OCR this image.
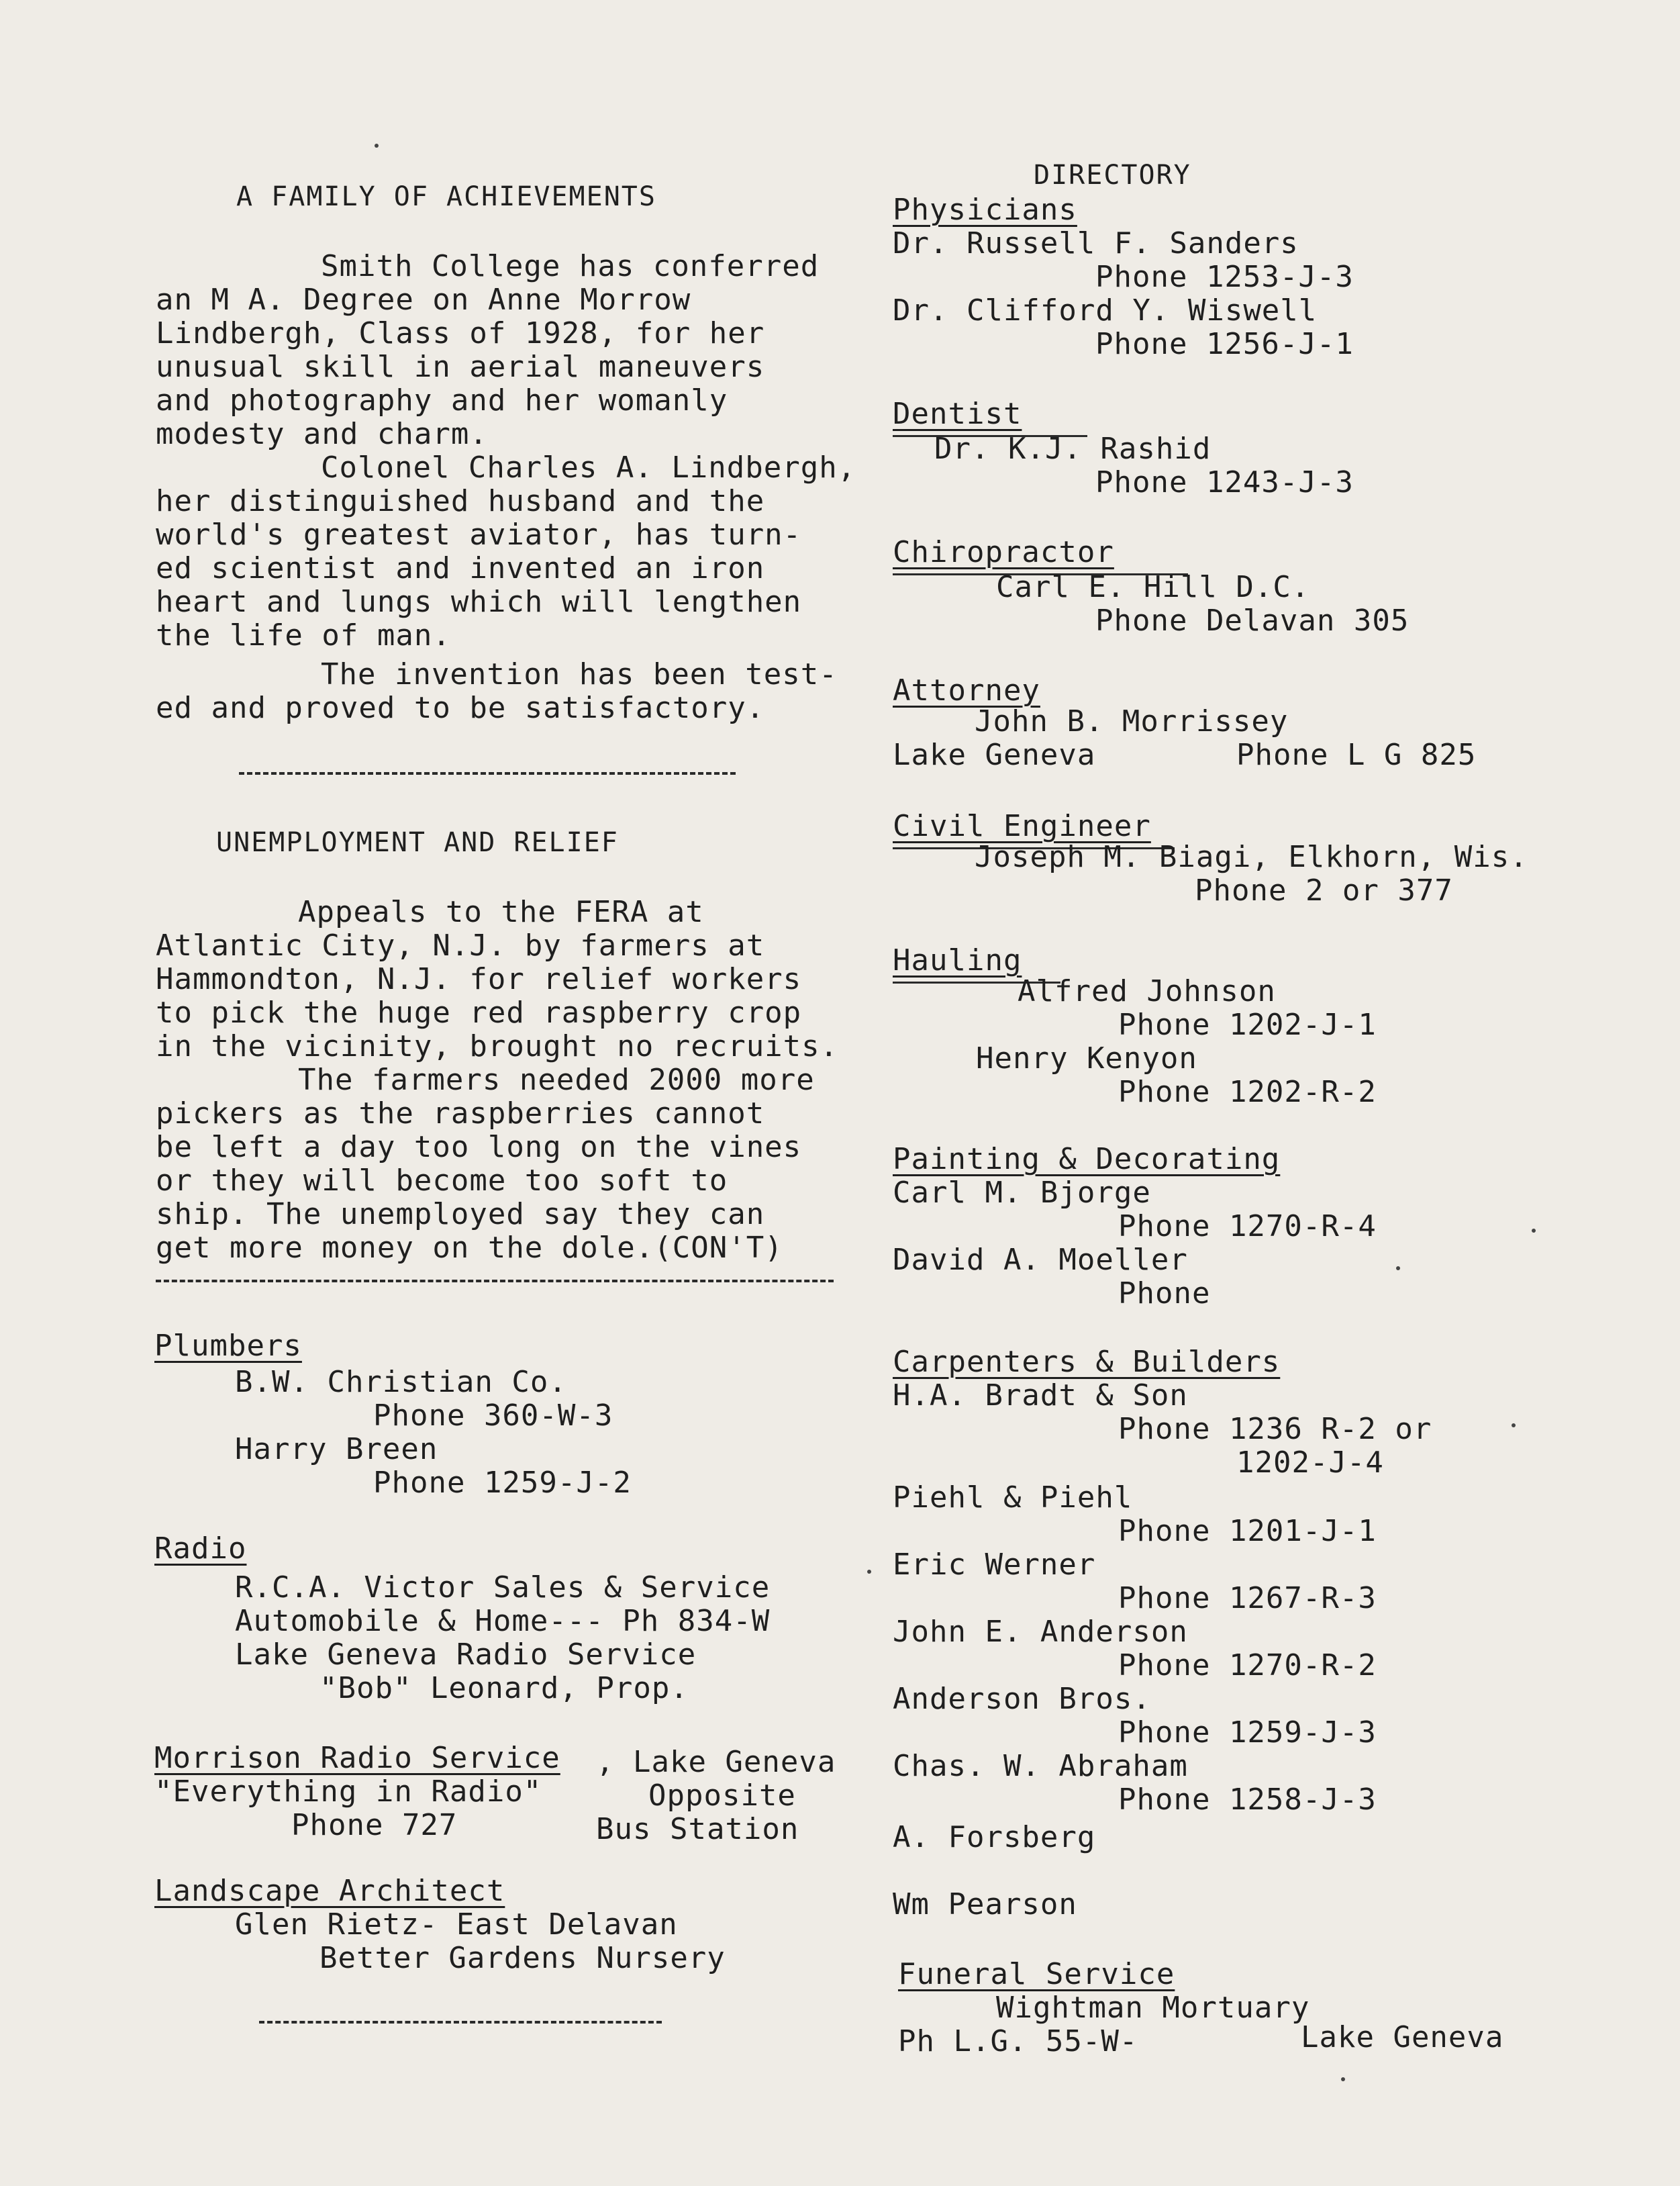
A FAMILY OF ACHIEVEMENTS
Smith College has conferred
an M A. Degree on Anne Morrow
Lindbergh, Class of 1928, for her
unusual skill in aerial maneuvers
and photography and her womanly
modesty and charm.
Colonel Charles A. Lindbergh,
her distinguished husband and the
world's greatest aviator, has turn-
ed scientist and invented an iron
heart and lungs which will lengthen
the life of man.
The invention has been test-
ed and proved to be satisfactory.
UNEMPLOYMENT AND RELIEF
Appeals to the FERA at
Atlantic City, N.J. by farmers at
Hammondton, N.J. for relief workers
to pick the huge red raspberry crop
in the vicinity, brought no recruits.
The farmers needed 2000 more
pickers as the raspberries cannot
be left a day too long on the vines
or they will become too soft to
ship. The unemployed say they can
get more money on the dole.(CON'T)
Plumbers
B.W. Christian Co.
Phone 360-W-3
Harry Breen
Phone 1259-J-2
Radio
R.C.A. Victor Sales & Service
Automobile & Home--- Ph 834-W
Lake Geneva Radio Service
"Bob" Leonard, Prop.
Morrison Radio Service , Lake Geneva
"Everything in Radio"
Phone 727
Opposite
Bus Station
Landscape Architect
Glen Rietz- East Delavan
Better Gardens Nursery
DIRECTORY
Physicians
Dr. Russell F. Sanders
Phone 1253-J-3
Dr. Clifford Y. Wiswell
Phone 1256-J-1
Dentist
Dr. K.J. Rashid
Phone 1243-J-3
Chiropractor
Carl E. Hill D.C.
Phone Delavan 305
Attorney
John B. Morrissey
Lake Geneva	Phone L G 825
Civil Engineer
Joseph M. Biagi, Elkhorn, Wis.
Phone 2 or 377
Hauling
Alfred Johnson
Phone 1202-J-1
Henry Kenyon
Phone 1202-R-2
Painting & Decorating
Carl M. Bjorge
Phone 1270-R-4
David A. Moeller
Phone
Carpenters & Builders
H.A. Bradt & Son
Phone 1236 R-2 or
1202-J-4
Piehl & Piehl
Phone 1201-J-1
Eric Werner
Phone 1267-R-3
John E. Anderson
Phone 1270-R-2
Anderson Bros.
Phone 1259-J-3
Chas. W. Abraham
Phone 1258-J-3
A. Forsberg
Wm Pearson
Funeral Service
Wightman Mortuary
Ph L.G. 55-W-	Lake Geneva
